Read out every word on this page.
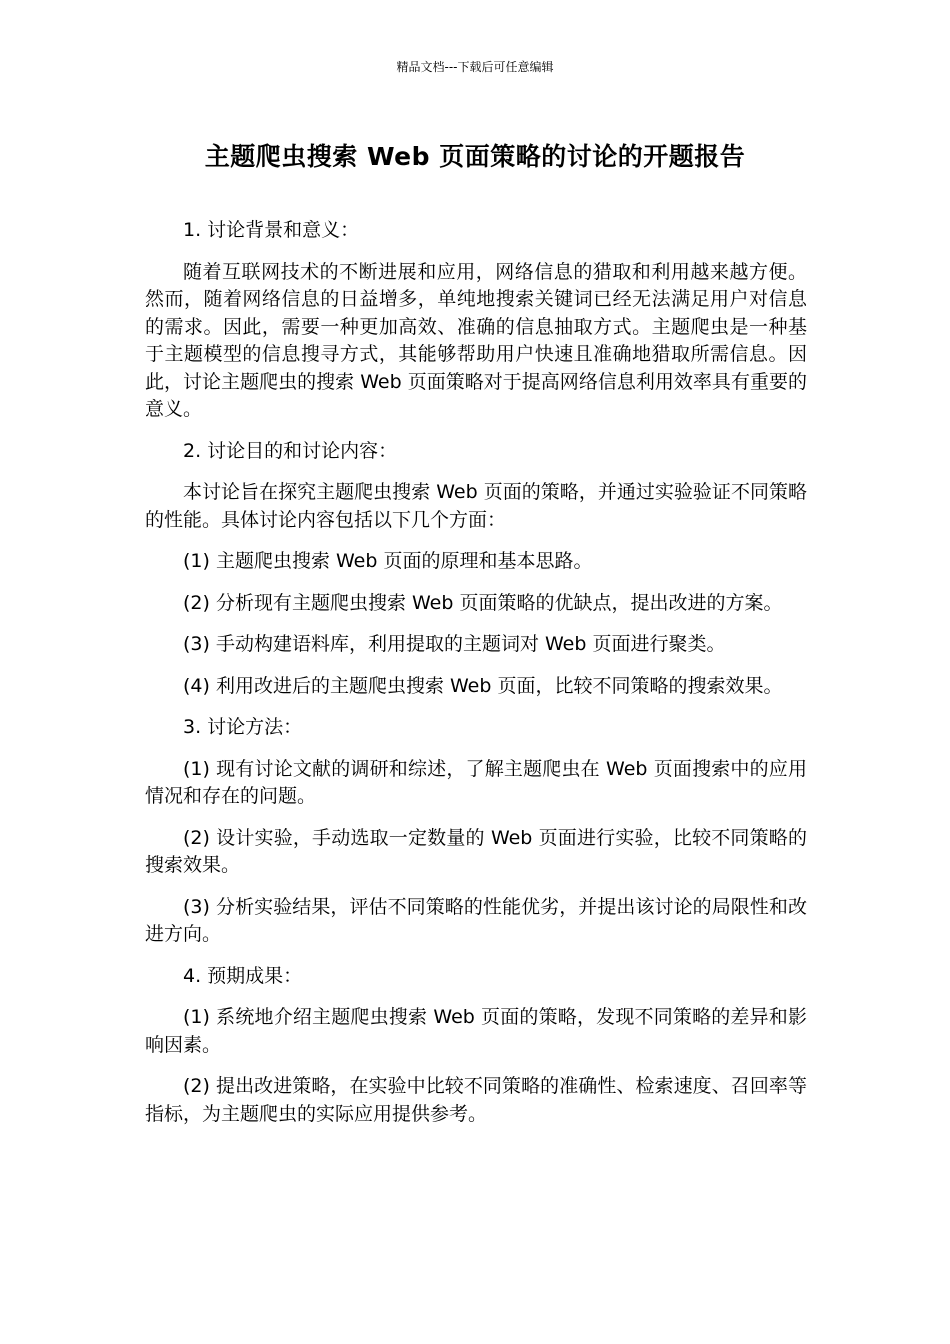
精品文档---下载后可任意编辑
主题爬虫搜索 Web 页面策略的讨论的开题报告

1. 讨论背景和意义：

随着互联网技术的不断进展和应用，网络信息的猎取和利用越来越方便。然而，随着网络信息的日益增多，单纯地搜索关键词已经无法满足用户对信息的需求。因此，需要一种更加高效、准确的信息抽取方式。主题爬虫是一种基于主题模型的信息搜寻方式，其能够帮助用户快速且准确地猎取所需信息。因此，讨论主题爬虫的搜索 Web 页面策略对于提高网络信息利用效率具有重要的意义。

2. 讨论目的和讨论内容：

本讨论旨在探究主题爬虫搜索 Web 页面的策略，并通过实验验证不同策略的性能。具体讨论内容包括以下几个方面：

(1) 主题爬虫搜索 Web 页面的原理和基本思路。

(2) 分析现有主题爬虫搜索 Web 页面策略的优缺点，提出改进的方案。

(3) 手动构建语料库，利用提取的主题词对 Web 页面进行聚类。

(4) 利用改进后的主题爬虫搜索 Web 页面，比较不同策略的搜索效果。

3. 讨论方法：

(1) 现有讨论文献的调研和综述，了解主题爬虫在 Web 页面搜索中的应用情况和存在的问题。

(2) 设计实验，手动选取一定数量的 Web 页面进行实验，比较不同策略的搜索效果。

(3) 分析实验结果，评估不同策略的性能优劣，并提出该讨论的局限性和改进方向。

4. 预期成果：

(1) 系统地介绍主题爬虫搜索 Web 页面的策略，发现不同策略的差异和影响因素。

(2) 提出改进策略，在实验中比较不同策略的准确性、检索速度、召回率等指标，为主题爬虫的实际应用提供参考。
